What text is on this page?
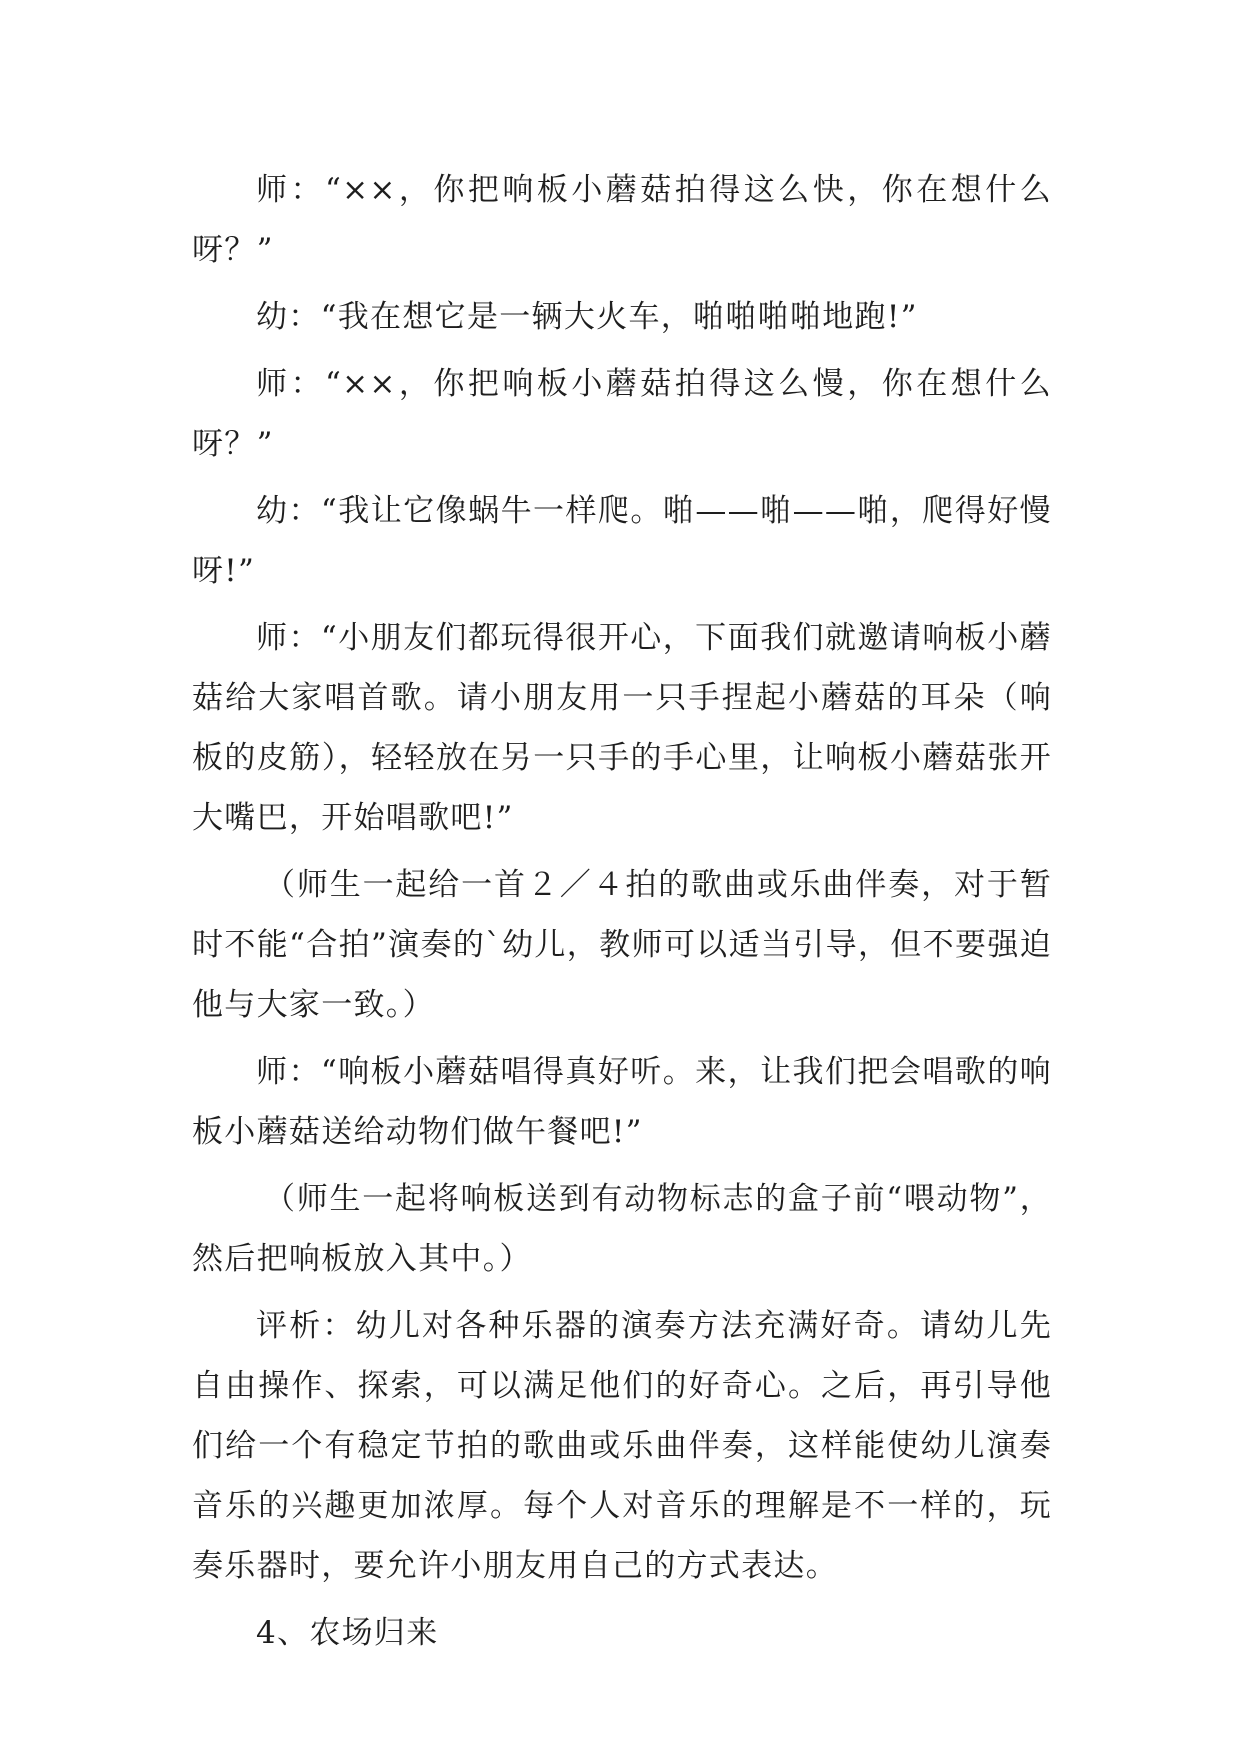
师：“××，你把响板小蘑菇拍得这么快，你在想什么呀？”

幼：“我在想它是一辆大火车，啪啪啪啪地跑!”

师：“××，你把响板小蘑菇拍得这么慢，你在想什么呀？”

幼：“我让它像蜗牛一样爬。啪——啪——啪，爬得好慢呀!”

师：“小朋友们都玩得很开心，下面我们就邀请响板小蘑菇给大家唱首歌。请小朋友用一只手捏起小蘑菇的耳朵（响板的皮筋），轻轻放在另一只手的手心里，让响板小蘑菇张开大嘴巴，开始唱歌吧!”

（师生一起给一首２／４拍的歌曲或乐曲伴奏，对于暂时不能“合拍”演奏的`幼儿，教师可以适当引导，但不要强迫他与大家一致。）

师：“响板小蘑菇唱得真好听。来，让我们把会唱歌的响板小蘑菇送给动物们做午餐吧!”

（师生一起将响板送到有动物标志的盒子前“喂动物”，然后把响板放入其中。）

评析：幼儿对各种乐器的演奏方法充满好奇。请幼儿先自由操作、探索，可以满足他们的好奇心。之后，再引导他们给一个有稳定节拍的歌曲或乐曲伴奏，这样能使幼儿演奏音乐的兴趣更加浓厚。每个人对音乐的理解是不一样的，玩奏乐器时，要允许小朋友用自己的方式表达。

4、农场归来
